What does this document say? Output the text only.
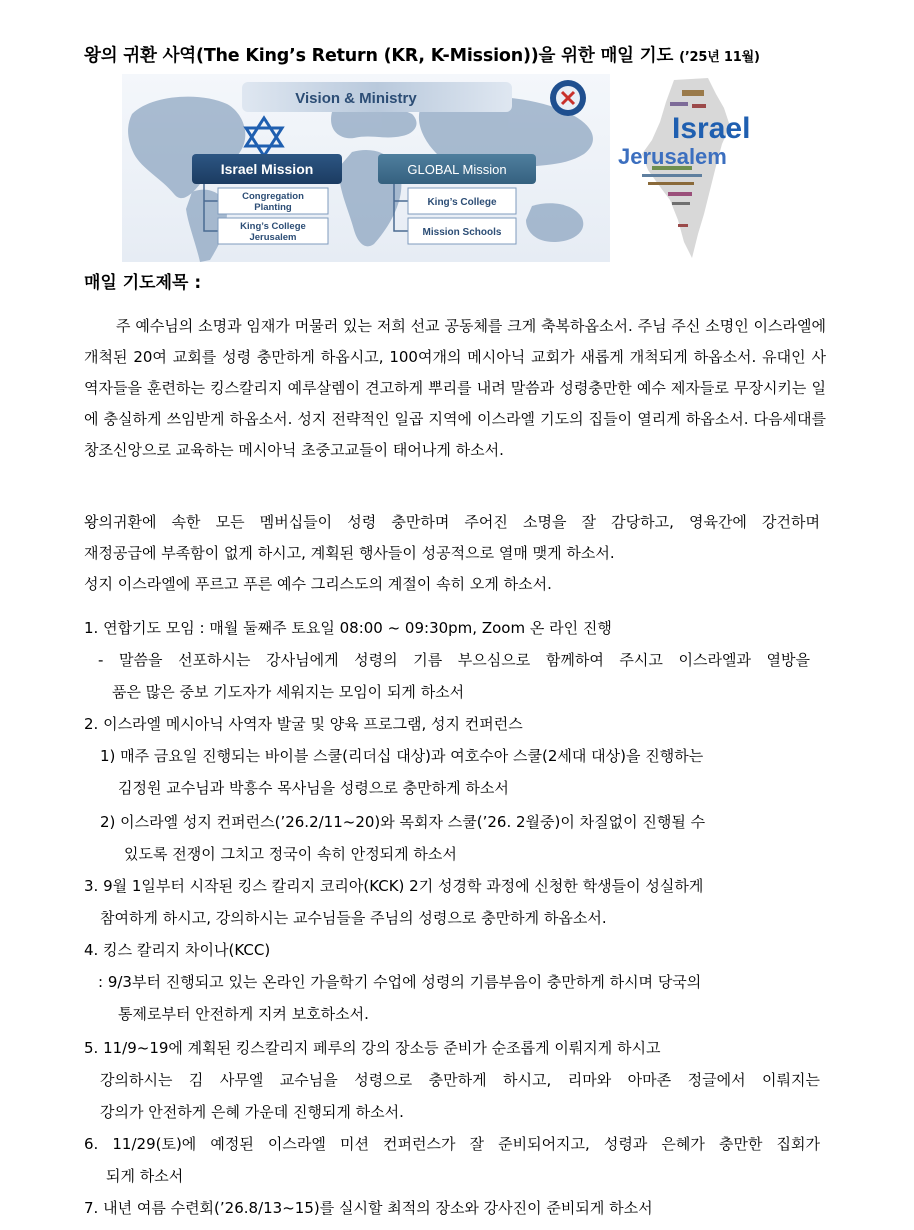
왕의 귀환 사역(The King’s Return (KR, K-Mission))을 위한 매일 기도 (’25년 11월)
Vision & Ministry
Israel Mission	GLOBAL Mission
Congregation
Planting
King’s College
Jerusalem
King’s College
Mission Schools
Israel
Jerusalem
매일 기도제목 :
주 예수님의 소명과 임재가 머물러 있는 저희 선교 공동체를 크게 축복하옵소서. 주님 주신 소명인 이스라엘에 개척된 20여 교회를 성령 충만하게 하옵시고, 100여개의 메시아닉 교회가 새롭게 개척되게 하옵소서. 유대인 사역자들을 훈련하는 킹스칼리지 예루살렘이 견고하게 뿌리를 내려 말씀과 성령충만한 예수 제자들로 무장시키는 일에 충실하게 쓰임받게 하옵소서. 성지 전략적인 일곱 지역에 이스라엘 기도의 집들이 열리게 하옵소서. 다음세대를 창조신앙으로 교육하는 메시아닉 초중고교들이 태어나게 하소서.
왕의귀환에 속한 모든 멤버십들이 성령 충만하며 주어진 소명을 잘 감당하고, 영육간에 강건하며
재정공급에 부족함이 없게 하시고, 계획된 행사들이 성공적으로 열매 맺게 하소서.
성지 이스라엘에 푸르고 푸른 예수 그리스도의 계절이 속히 오게 하소서.
1. 연합기도 모임 : 매월 둘째주 토요일 08:00 ~ 09:30pm, Zoom 온 라인 진행
- 말씀을 선포하시는 강사님에게 성령의 기름 부으심으로 함께하여 주시고 이스라엘과 열방을
품은 많은 중보 기도자가 세워지는 모임이 되게 하소서
2. 이스라엘 메시아닉 사역자 발굴 및 양육 프로그램, 성지 컨퍼런스
1) 매주 금요일 진행되는 바이블 스쿨(리더십 대상)과 여호수아 스쿨(2세대 대상)을 진행하는
김정원 교수님과 박흥수 목사님을 성령으로 충만하게 하소서
2) 이스라엘 성지 컨퍼런스(’26.2/11~20)와 목회자 스쿨(’26. 2월중)이 차질없이 진행될 수
있도록 전쟁이 그치고 정국이 속히 안정되게 하소서
3. 9월 1일부터 시작된 킹스 칼리지 코리아(KCK) 2기 성경학 과정에 신청한 학생들이 성실하게
참여하게 하시고, 강의하시는 교수님들을 주님의 성령으로 충만하게 하옵소서.
4. 킹스 칼리지 차이나(KCC)
: 9/3부터 진행되고 있는 온라인 가을학기 수업에 성령의 기름부음이 충만하게 하시며 당국의
통제로부터 안전하게 지켜 보호하소서.
5. 11/9~19에 계획된 킹스칼리지 페루의 강의 장소등 준비가 순조롭게 이뤄지게 하시고
강의하시는 김 사무엘 교수님을 성령으로 충만하게 하시고, 리마와 아마존 정글에서 이뤄지는
강의가 안전하게 은혜 가운데 진행되게 하소서.
6. 11/29(토)에 예정된 이스라엘 미션 컨퍼런스가 잘 준비되어지고, 성령과 은혜가 충만한 집회가
되게 하소서
7. 내년 여름 수련회(’26.8/13~15)를 실시할 최적의 장소와 강사진이 준비되게 하소서
